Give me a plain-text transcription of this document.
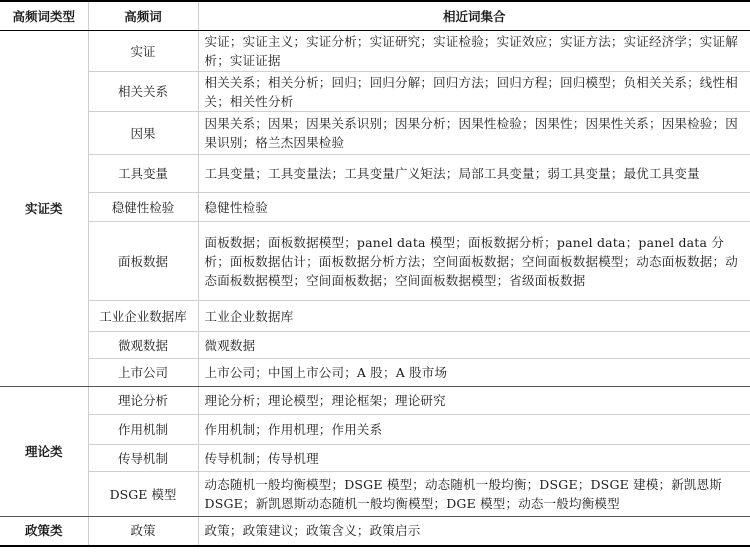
高频词类型	高频词	相近词集合
实证类	实证	实证；实证主义；实证分析；实证研究；实证检验；实证效应；实证方法；实证经济学；实证解析；实证证据
	相关关系	相关关系；相关分析；回归；回归分解；回归方法；回归方程；回归模型；负相关关系；线性相关；相关性分析
	因果	因果关系；因果；因果关系识别；因果分析；因果性检验；因果性；因果性关系；因果检验；因果识别；格兰杰因果检验
	工具变量	工具变量；工具变量法；工具变量广义矩法；局部工具变量；弱工具变量；最优工具变量
	稳健性检验	稳健性检验
	面板数据	面板数据；面板数据模型；panel data 模型；面板数据分析；panel data；panel data 分析；面板数据估计；面板数据分析方法；空间面板数据；空间面板数据模型；动态面板数据；动态面板数据模型；空间面板数据；空间面板数据模型；省级面板数据
	工业企业数据库	工业企业数据库
	微观数据	微观数据
	上市公司	上市公司；中国上市公司；A 股；A 股市场
理论类	理论分析	理论分析；理论模型；理论框架；理论研究
	作用机制	作用机制；作用机理；作用关系
	传导机制	传导机制；传导机理
	DSGE 模型	动态随机一般均衡模型；DSGE 模型；动态随机一般均衡；DSGE；DSGE 建模；新凯恩斯 DSGE；新凯恩斯动态随机一般均衡模型；DGE 模型；动态一般均衡模型
政策类	政策	政策；政策建议；政策含义；政策启示
